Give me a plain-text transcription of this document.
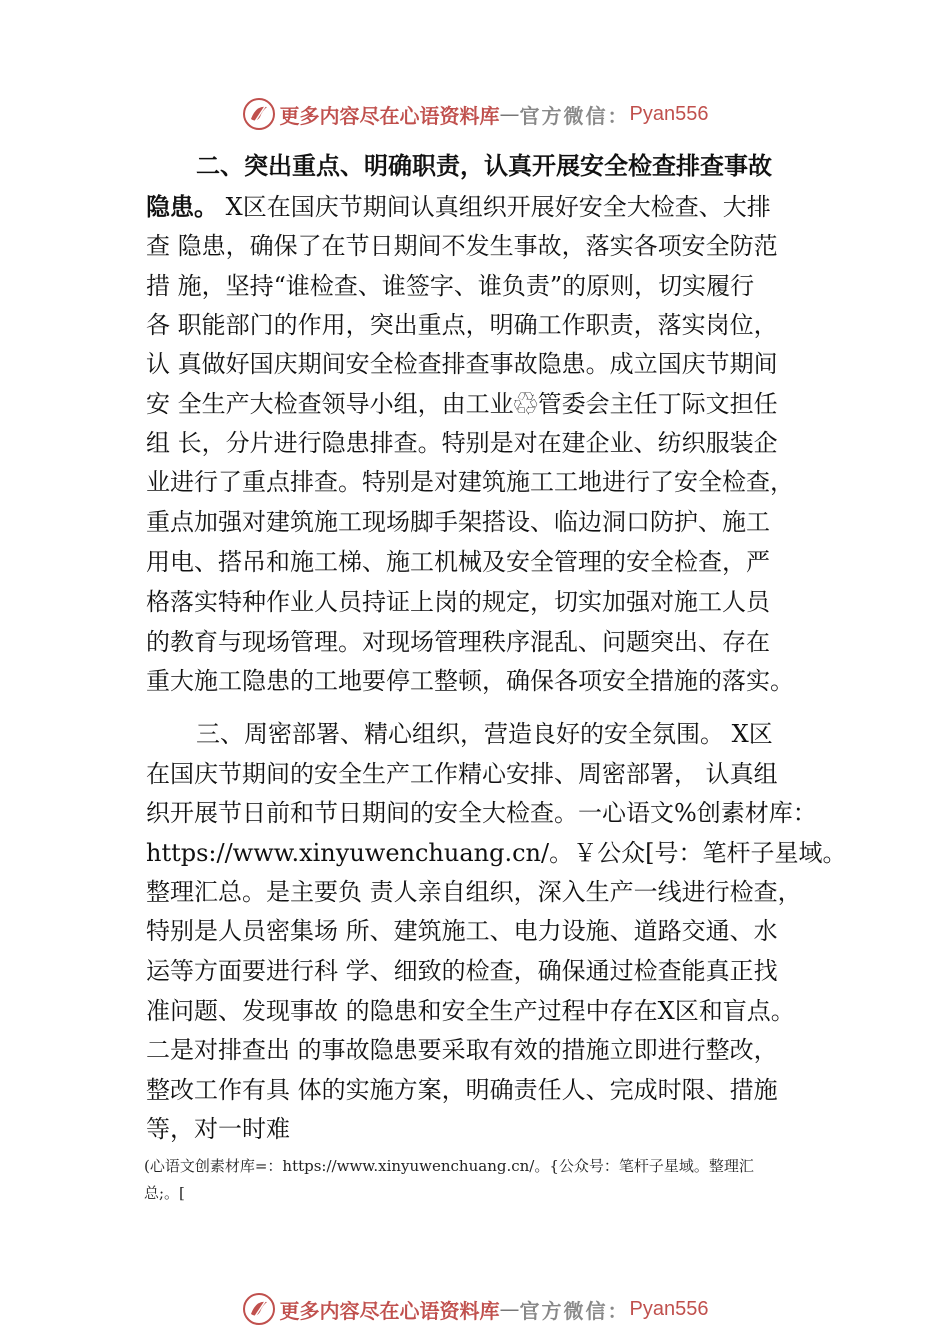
更多内容尽在心语资料库 — 官方微信： Pyan556
二、突出重点、明确职责，认真开展安全检查排查事故
隐患。 X区在国庆节期间认真组织开展好安全大检查、大排
查 隐患，确保了在节日期间不发生事故，落实各项安全防范
措 施，坚持“谁检查、谁签字、谁负责”的原则，切实履行
各 职能部门的作用，突出重点，明确工作职责，落实岗位，
认 真做好国庆期间安全检查排查事故隐患。成立国庆节期间
安 全生产大检查领导小组，由工业♲管委会主任丁际文担任
组 长，分片进行隐患排查。特别是对在建企业、纺织服装企
业进行了重点排查。特别是对建筑施工工地进行了安全检查，
重点加强对建筑施工现场脚手架搭设、临边洞口防护、施工
用电、搭吊和施工梯、施工机械及安全管理的安全检查，严
格落实特种作业人员持证上岗的规定，切实加强对施工人员
的教育与现场管理。对现场管理秩序混乱、问题突出、存在
重大施工隐患的工地要停工整顿，确保各项安全措施的落实。
三、周密部署、精心组织，营造良好的安全氛围。 X区
在国庆节期间的安全生产工作精心安排、周密部署， 认真组
织开展节日前和节日期间的安全大检查。一心语文%创素材库：
https://www.xinyuwenchuang.cn/。￥公众[号：笔杆子星域。
整理汇总。是主要负 责人亲自组织，深入生产一线进行检查，
特别是人员密集场 所、建筑施工、电力设施、道路交通、水
运等方面要进行科 学、细致的检查，确保通过检查能真正找
准问题、发现事故 的隐患和安全生产过程中存在X区和盲点。
二是对排查出 的事故隐患要采取有效的措施立即进行整改，
整改工作有具 体的实施方案，明确责任人、完成时限、措施
等，对一时难
(心语文创素材库=：https://www.xinyuwenchuang.cn/。{公众号：笔杆子星域。整理汇
总;。[
更多内容尽在心语资料库 — 官方微信： Pyan556
